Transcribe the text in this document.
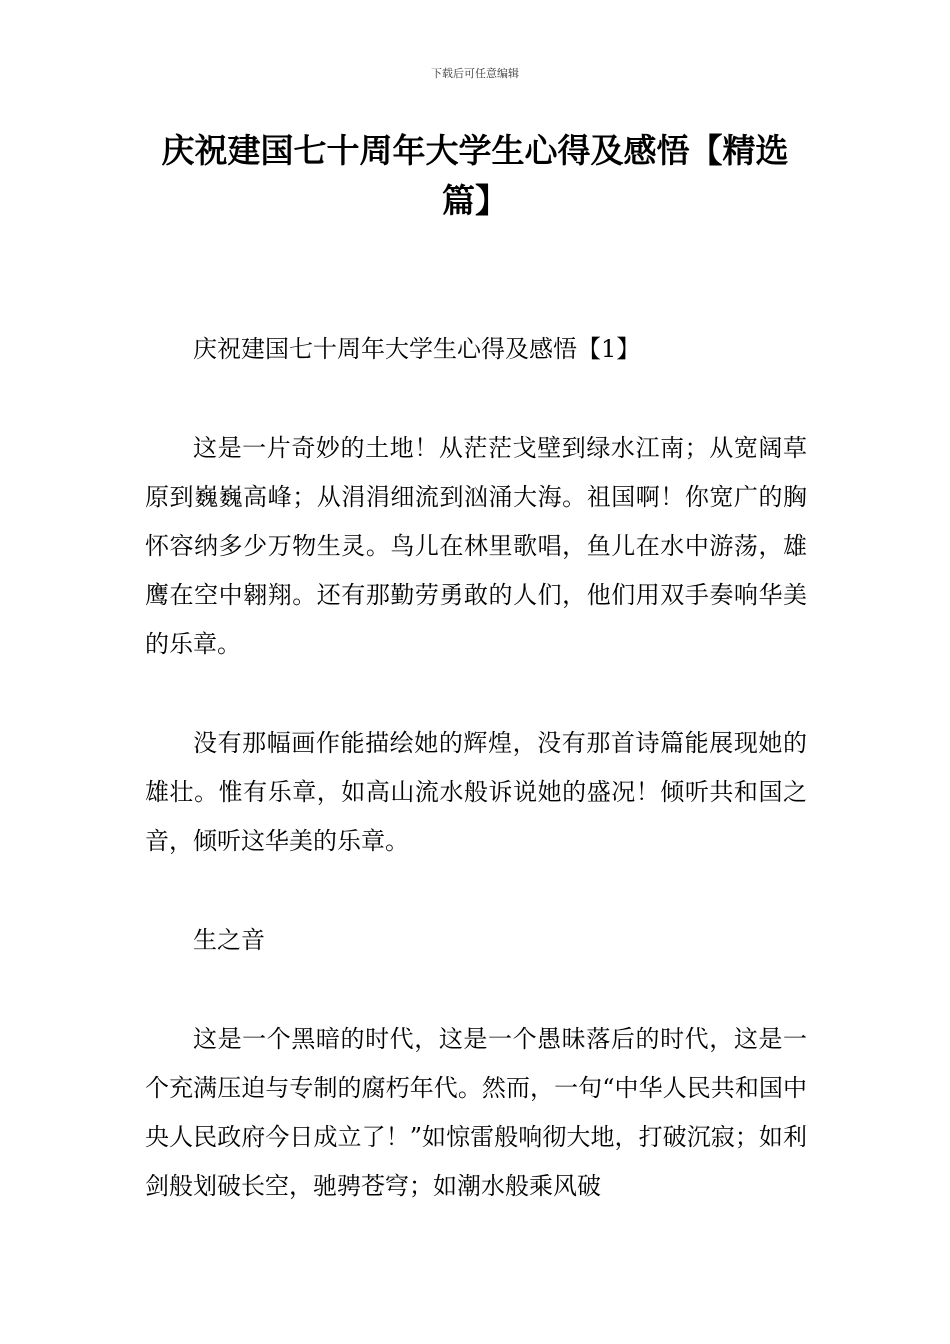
下载后可任意编辑
庆祝建国七十周年大学生心得及感悟【精选篇】

庆祝建国七十周年大学生心得及感悟【1】

这是一片奇妙的土地！从茫茫戈壁到绿水江南；从宽阔草原到巍巍高峰；从涓涓细流到汹涌大海。祖国啊！你宽广的胸怀容纳多少万物生灵。鸟儿在林里歌唱，鱼儿在水中游荡，雄鹰在空中翱翔。还有那勤劳勇敢的人们，他们用双手奏响华美的乐章。

没有那幅画作能描绘她的辉煌，没有那首诗篇能展现她的雄壮。惟有乐章，如高山流水般诉说她的盛况！倾听共和国之音，倾听这华美的乐章。

生之音

这是一个黑暗的时代，这是一个愚昧落后的时代，这是一个充满压迫与专制的腐朽年代。然而，一句“中华人民共和国中央人民政府今日成立了！”如惊雷般响彻大地，打破沉寂；如利剑般划破长空，驰骋苍穹；如潮水般乘风破
